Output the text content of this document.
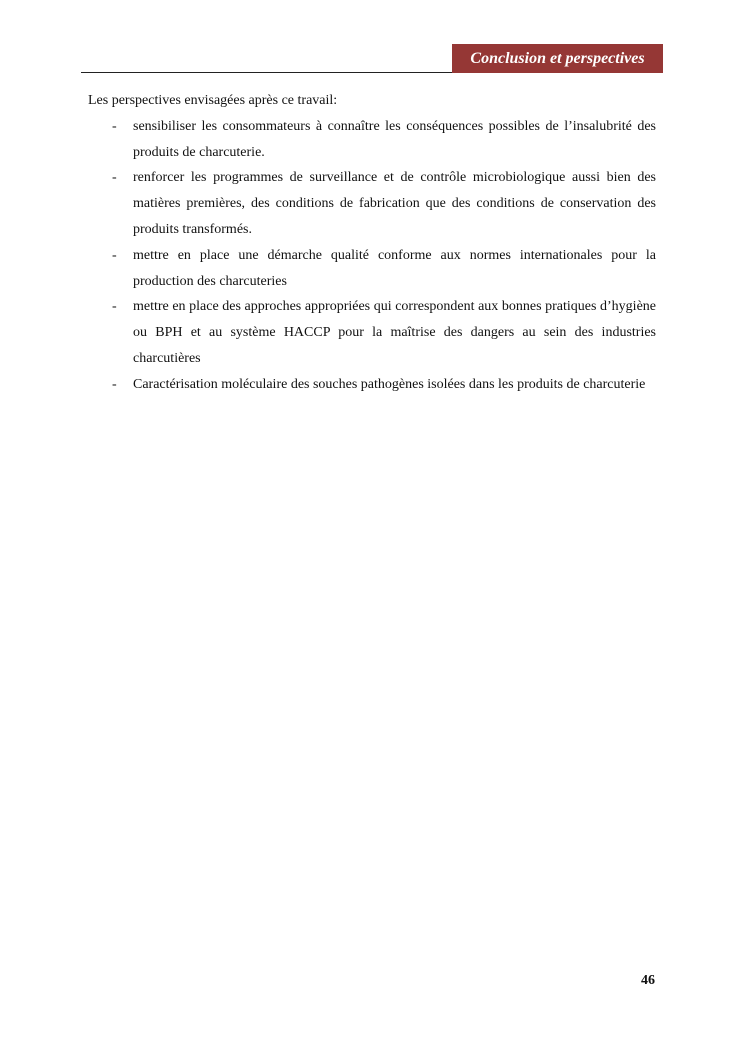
Conclusion et perspectives

Les perspectives envisagées après ce travail:

- sensibiliser les consommateurs à connaître les conséquences possibles de l’insalubrité des produits de charcuterie.
- renforcer les programmes de surveillance et de contrôle microbiologique aussi bien des matières premières, des conditions de fabrication que des conditions de conservation des produits transformés.
- mettre en place une démarche qualité conforme aux normes internationales pour la production des charcuteries
- mettre en place des approches appropriées qui correspondent aux bonnes pratiques d’hygiène ou BPH et au système HACCP pour la maîtrise des dangers au sein des industries charcutières
- Caractérisation moléculaire des souches pathogènes isolées dans les produits de charcuterie
46
